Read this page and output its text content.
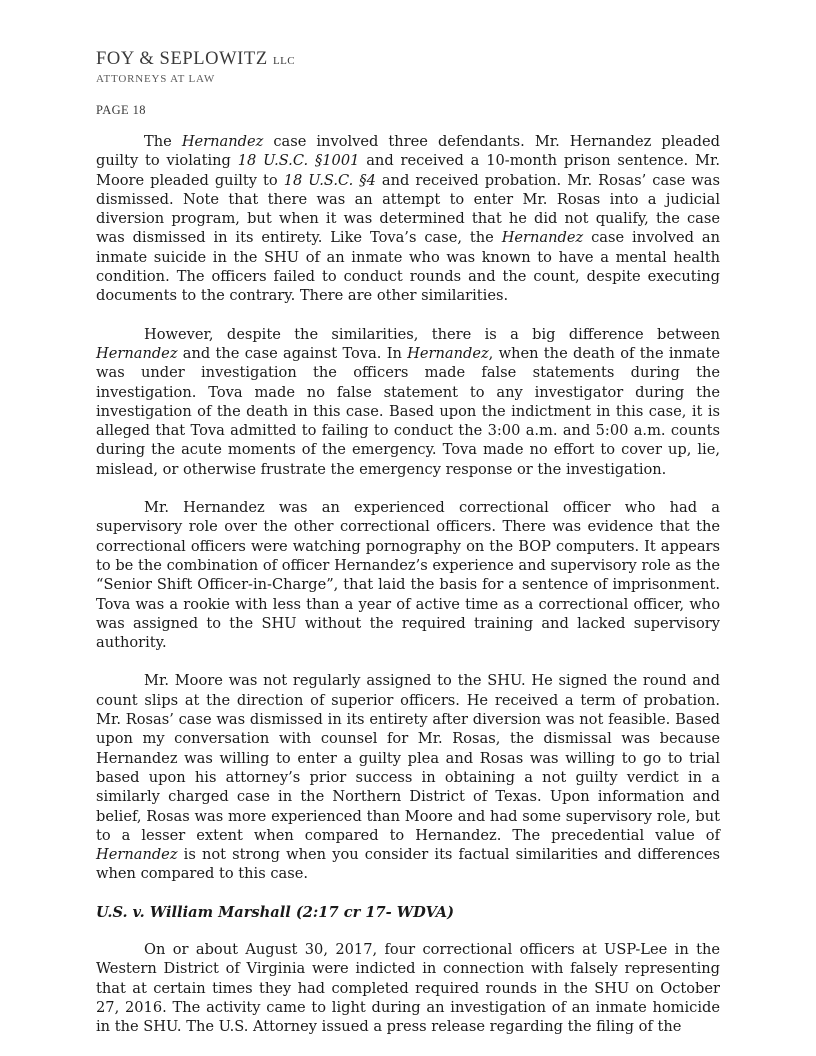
FOY & SEPLOWITZ LLC
ATTORNEYS AT LAW
PAGE 18

The Hernandez case involved three defendants. Mr. Hernandez pleaded guilty to violating 18 U.S.C. §1001 and received a 10-month prison sentence. Mr. Moore pleaded guilty to 18 U.S.C. §4 and received probation. Mr. Rosas’ case was dismissed. Note that there was an attempt to enter Mr. Rosas into a judicial diversion program, but when it was determined that he did not qualify, the case was dismissed in its entirety. Like Tova’s case, the Hernandez case involved an inmate suicide in the SHU of an inmate who was known to have a mental health condition. The officers failed to conduct rounds and the count, despite executing documents to the contrary. There are other similarities.

However, despite the similarities, there is a big difference between Hernandez and the case against Tova. In Hernandez, when the death of the inmate was under investigation the officers made false statements during the investigation. Tova made no false statement to any investigator during the investigation of the death in this case. Based upon the indictment in this case, it is alleged that Tova admitted to failing to conduct the 3:00 a.m. and 5:00 a.m. counts during the acute moments of the emergency. Tova made no effort to cover up, lie, mislead, or otherwise frustrate the emergency response or the investigation.

Mr. Hernandez was an experienced correctional officer who had a supervisory role over the other correctional officers. There was evidence that the correctional officers were watching pornography on the BOP computers. It appears to be the combination of officer Hernandez’s experience and supervisory role as the “Senior Shift Officer-in-Charge”, that laid the basis for a sentence of imprisonment. Tova was a rookie with less than a year of active time as a correctional officer, who was assigned to the SHU without the required training and lacked supervisory authority.

Mr. Moore was not regularly assigned to the SHU. He signed the round and count slips at the direction of superior officers. He received a term of probation. Mr. Rosas’ case was dismissed in its entirety after diversion was not feasible. Based upon my conversation with counsel for Mr. Rosas, the dismissal was because Hernandez was willing to enter a guilty plea and Rosas was willing to go to trial based upon his attorney’s prior success in obtaining a not guilty verdict in a similarly charged case in the Northern District of Texas. Upon information and belief, Rosas was more experienced than Moore and had some supervisory role, but to a lesser extent when compared to Hernandez. The precedential value of Hernandez is not strong when you consider its factual similarities and differences when compared to this case.

U.S. v. William Marshall (2:17 cr 17- WDVA)

On or about August 30, 2017, four correctional officers at USP-Lee in the Western District of Virginia were indicted in connection with falsely representing that at certain times they had completed required rounds in the SHU on October 27, 2016. The activity came to light during an investigation of an inmate homicide in the SHU. The U.S. Attorney issued a press release regarding the filing of the
